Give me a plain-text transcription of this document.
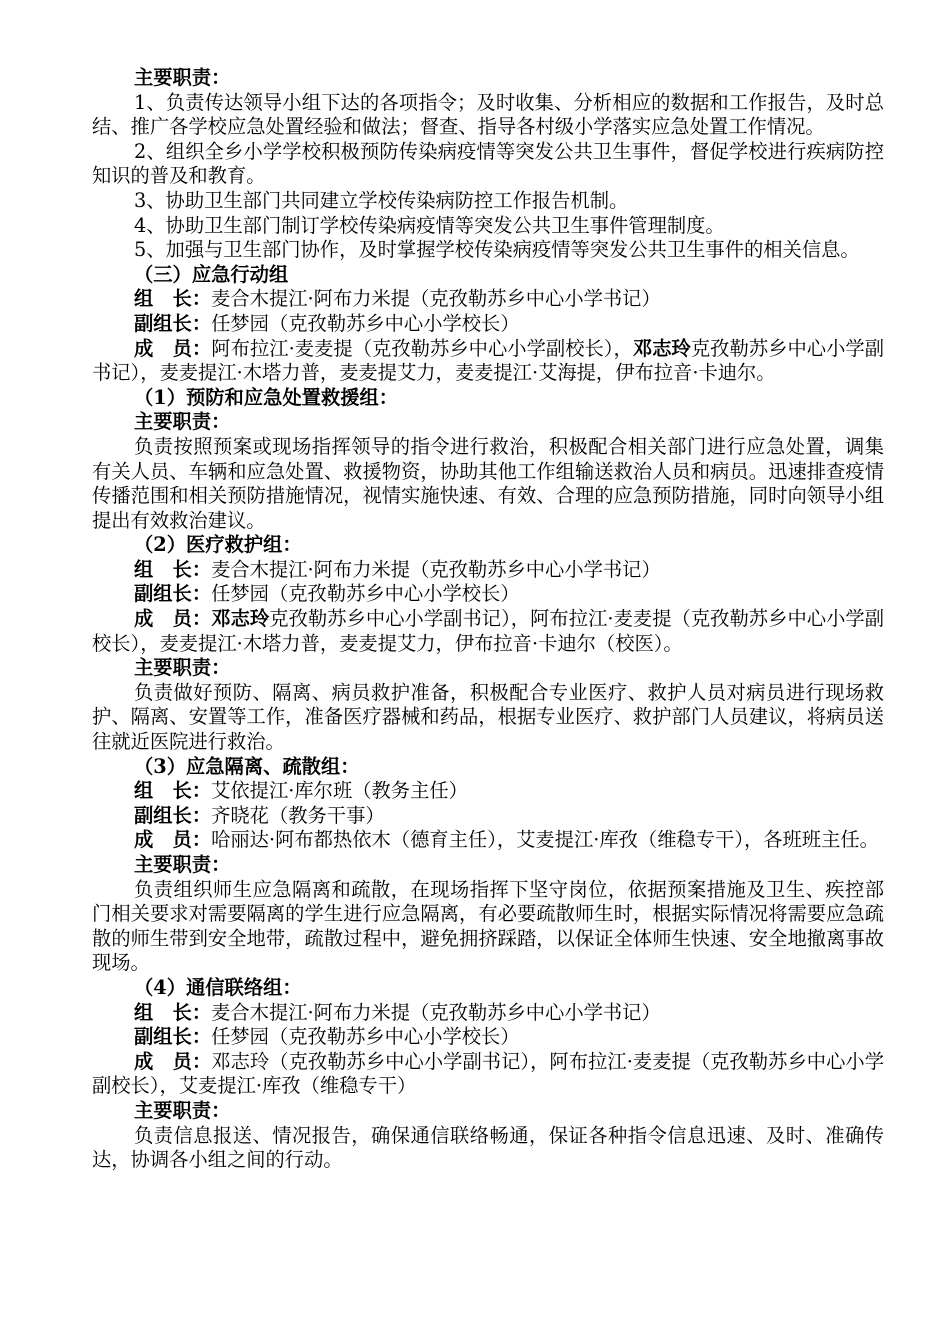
主要职责：

1、负责传达领导小组下达的各项指令；及时收集、分析相应的数据和工作报告，及时总结、推广各学校应急处置经验和做法；督查、指导各村级小学落实应急处置工作情况。

2、组织全乡小学学校积极预防传染病疫情等突发公共卫生事件，督促学校进行疾病防控知识的普及和教育。

3、协助卫生部门共同建立学校传染病防控工作报告机制。

4、协助卫生部门制订学校传染病疫情等突发公共卫生事件管理制度。

5、加强与卫生部门协作，及时掌握学校传染病疫情等突发公共卫生事件的相关信息。

（三）应急行动组

组　长：麦合木提江·阿布力米提（克孜勒苏乡中心小学书记）

副组长：任梦园（克孜勒苏乡中心小学校长）

成　员：阿布拉江·麦麦提（克孜勒苏乡中心小学副校长），邓志玲克孜勒苏乡中心小学副书记），麦麦提江·木塔力普，麦麦提艾力，麦麦提江·艾海提，伊布拉音·卡迪尔。

（1）预防和应急处置救援组：

主要职责：

负责按照预案或现场指挥领导的指令进行救治，积极配合相关部门进行应急处置，调集有关人员、车辆和应急处置、救援物资，协助其他工作组输送救治人员和病员。迅速排查疫情传播范围和相关预防措施情况，视情实施快速、有效、合理的应急预防措施，同时向领导小组提出有效救治建议。

（2）医疗救护组：

组　长：麦合木提江·阿布力米提（克孜勒苏乡中心小学书记）

副组长：任梦园（克孜勒苏乡中心小学校长）

成　员：邓志玲克孜勒苏乡中心小学副书记），阿布拉江·麦麦提（克孜勒苏乡中心小学副校长），麦麦提江·木塔力普，麦麦提艾力，伊布拉音·卡迪尔（校医）。

主要职责：

负责做好预防、隔离、病员救护准备，积极配合专业医疗、救护人员对病员进行现场救护、隔离、安置等工作，准备医疗器械和药品，根据专业医疗、救护部门人员建议，将病员送往就近医院进行救治。

（3）应急隔离、疏散组：

组　长：艾依提江·库尔班（教务主任）

副组长：齐晓花（教务干事）

成　员：哈丽达·阿布都热依木（德育主任），艾麦提江·库孜（维稳专干），各班班主任。

主要职责：

负责组织师生应急隔离和疏散，在现场指挥下坚守岗位，依据预案措施及卫生、疾控部门相关要求对需要隔离的学生进行应急隔离，有必要疏散师生时，根据实际情况将需要应急疏散的师生带到安全地带，疏散过程中，避免拥挤踩踏，以保证全体师生快速、安全地撤离事故现场。

（4）通信联络组：

组　长：麦合木提江·阿布力米提（克孜勒苏乡中心小学书记）

副组长：任梦园（克孜勒苏乡中心小学校长）

成　员：邓志玲（克孜勒苏乡中心小学副书记），阿布拉江·麦麦提（克孜勒苏乡中心小学副校长），艾麦提江·库孜（维稳专干）

主要职责：

负责信息报送、情况报告，确保通信联络畅通，保证各种指令信息迅速、及时、准确传达，协调各小组之间的行动。
